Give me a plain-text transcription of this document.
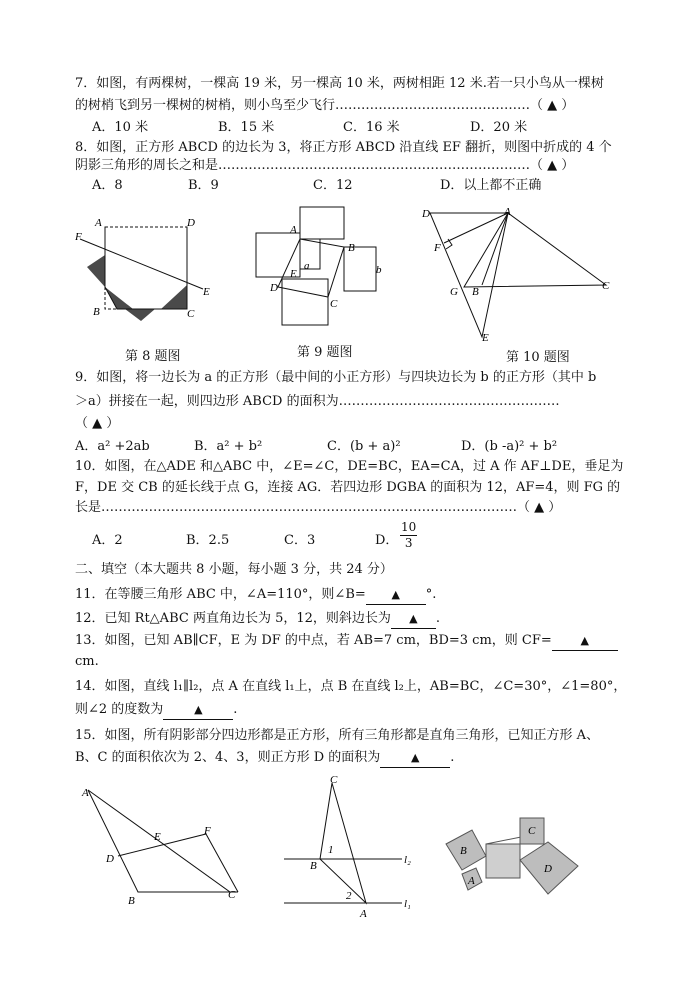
7．如图，有两棵树，一棵高 19 米，另一棵高 10 米，两树相距 12 米.若一只小鸟从一棵树
的树梢飞到另一棵树的树梢，则小鸟至少飞行………………………………………（ ▲ ）
A．10 米	B．15 米	C．16 米	D．20 米
8．如图，正方形 ABCD 的边长为 3，将正方形 ABCD 沿直线 EF 翻折，则图中折成的 4 个
阴影三角形的周长之和是………………………………………………………………（ ▲ ）
A．8	B．9	C．12	D．以上都不正确
A	D
F
E
B	C
第 8 题图
A
B
C
D
E
a	b
第 9 题图
D	A
F
G B	C
E
第 10 题图
9．如图，将一边长为 a 的正方形（最中间的小正方形）与四块边长为 b 的正方形（其中 b
＞a）拼接在一起，则四边形 ABCD 的面积为……………………………………………
（ ▲ ）
A．a² +2ab	B．a² + b²	C．(b + a)²	D．(b -a)² + b²
10．如图，在△ADE 和△ABC 中，∠E=∠C，DE=BC，EA=CA，过 A 作 AF⊥DE，垂足为
F，DE 交 CB 的延长线于点 G，连接 AG．若四边形 DGBA 的面积为 12，AF=4，则 FG 的
长是……………………………………………………………………………………（ ▲ ）
A．2	B．2.5	C．3	D． $\frac{10}{3}$
二、填空（本大题共 8 小题，每小题 3 分，共 24 分）
11．在等腰三角形 ABC 中，∠A=110°，则∠B= ▲ °.
12．已知 Rt△ABC 两直角边长为 5，12，则斜边长为 ▲ .
13．如图，已知 AB∥CF，E 为 DF 的中点，若 AB=7 cm，BD=3 cm，则 CF=	▲
cm.
14．如图，直线 l₁∥l₂，点 A 在直线 l₁上，点 B 在直线 l₂上，AB=BC，∠C=30°，∠1=80°，
则∠2 的度数为	▲ .
15．如图，所有阴影部分四边形都是正方形，所有三角形都是直角三角形，已知正方形 A、
B、C 的面积依次为 2、4、3，则正方形 D 的面积为	▲ .
A
D
E	F
B	C
C
1
B
2
A
l₂
l₁
C
B
A
D
